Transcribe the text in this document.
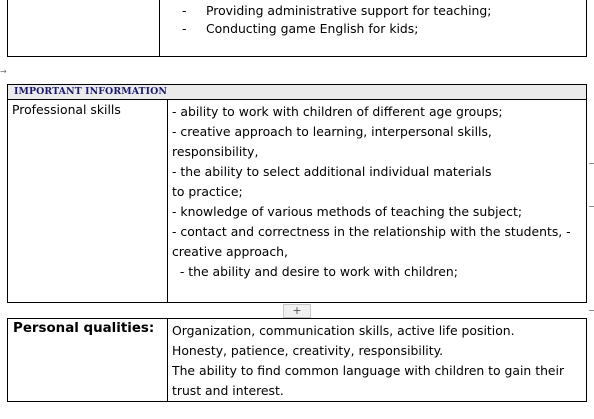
- Providing administrative support for teaching;
- Conducting game English for kids;
→
IMPORTANT INFORMATION
Professional skills	- ability to work with children of different age groups;
- creative approach to learning, interpersonal skills,
responsibility,
- the ability to select additional individual materials
to practice;
- knowledge of various methods of teaching the subject;
- contact and correctness in the relationship with the students, -
creative approach,
- the ability and desire to work with children;
+
Personal qualities: Organization, communication skills, active life position.
Honesty, patience, creativity, responsibility.
The ability to find common language with children to gain their
trust and interest.
